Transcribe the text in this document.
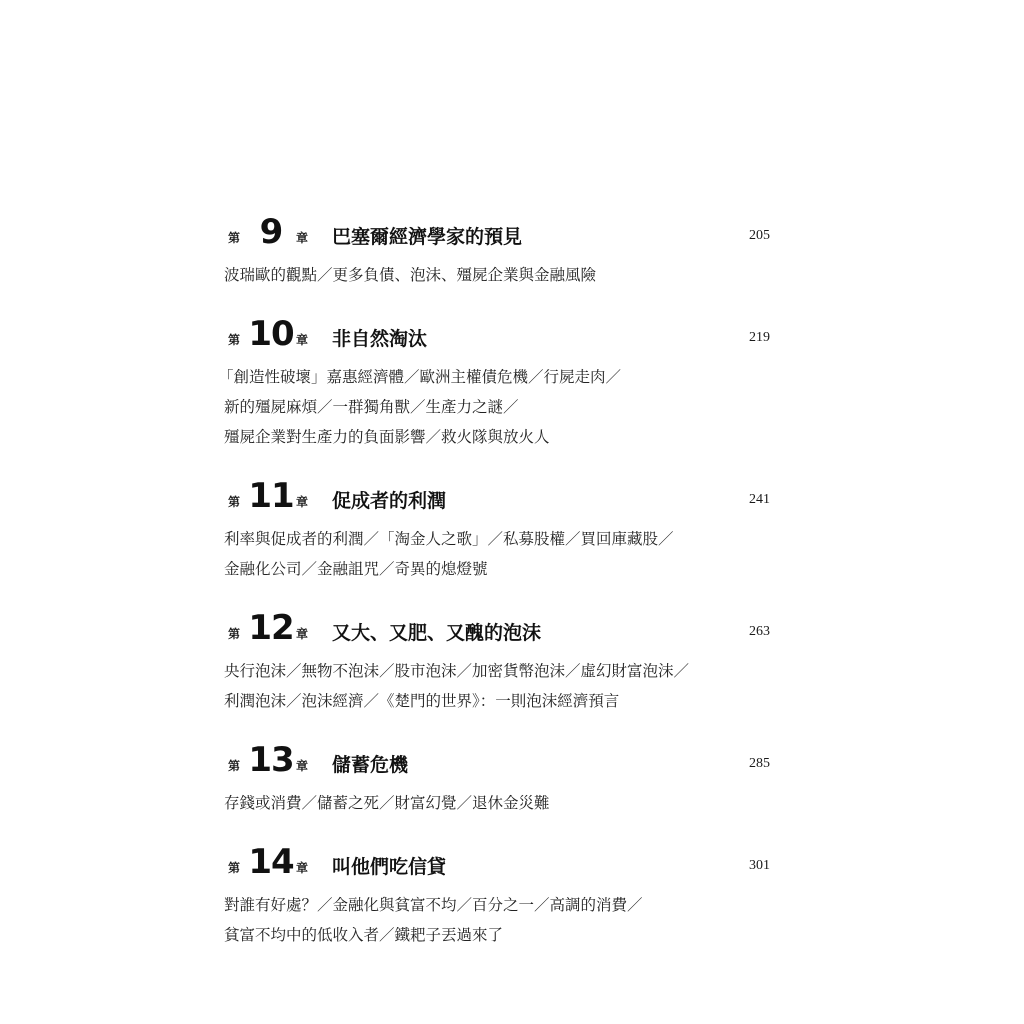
第 9	章	巴塞爾經濟學家的預見	205
波瑞歐的觀點／更多負債、泡沫、殭屍企業與金融風險
第 10 章	非自然淘汰	219
「創造性破壞」嘉惠經濟體／歐洲主權債危機／行屍走肉／
新的殭屍麻煩／一群獨角獸／生產力之謎／
殭屍企業對生產力的負面影響／救火隊與放火人
第 11 章	促成者的利潤	241
利率與促成者的利潤／「淘金人之歌」／私募股權／買回庫藏股／
金融化公司／金融詛咒／奇異的熄燈號
第 12 章	又大、又肥、又醜的泡沫	263
央行泡沫／無物不泡沫／股市泡沫／加密貨幣泡沫／虛幻財富泡沫／
利潤泡沫／泡沫經濟／《楚門的世界》：一則泡沫經濟預言
第 13 章	儲蓄危機	285
存錢或消費／儲蓄之死／財富幻覺／退休金災難
第 14 章	叫他們吃信貸	301
對誰有好處？／金融化與貧富不均／百分之一／高調的消費／
貧富不均中的低收入者／鐵耙子丟過來了
